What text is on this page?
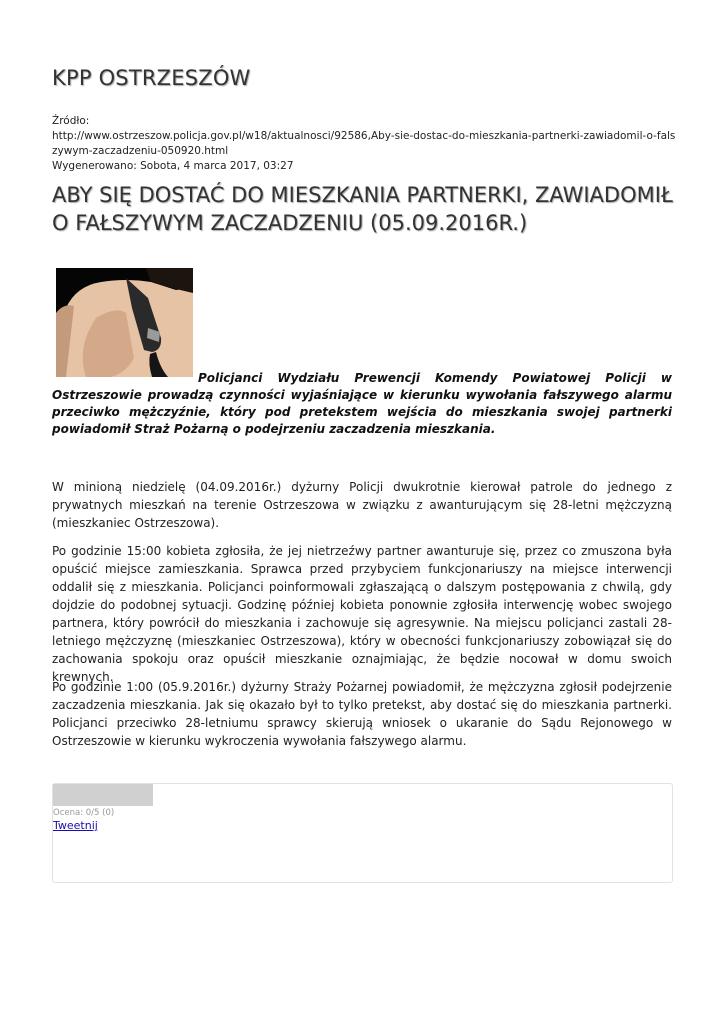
KPP OSTRZESZÓW
Źródło:
http://www.ostrzeszow.policja.gov.pl/w18/aktualnosci/92586,Aby-sie-dostac-do-mieszkania-partnerki-zawiadomil-o-falszywym-zaczadzeniu-050920.html
Wygenerowano: Sobota, 4 marca 2017, 03:27
ABY SIĘ DOSTAĆ DO MIESZKANIA PARTNERKI, ZAWIADOMIŁ O FAŁSZYWYM ZACZADZENIU (05.09.2016R.)

Policjanci Wydziału Prewencji Komendy Powiatowej Policji w Ostrzeszowie prowadzą czynności wyjaśniające w kierunku wywołania fałszywego alarmu przeciwko mężczyźnie, który pod pretekstem wejścia do mieszkania swojej partnerki powiadomił Straż Pożarną o podejrzeniu zaczadzenia mieszkania.

W minioną niedzielę (04.09.2016r.) dyżurny Policji dwukrotnie kierował patrole do jednego z prywatnych mieszkań na terenie Ostrzeszowa w związku z awanturującym się 28-letni mężczyzną (mieszkaniec Ostrzeszowa).

Po godzinie 15:00 kobieta zgłosiła, że jej nietrzeźwy partner awanturuje się, przez co zmuszona była opuścić miejsce zamieszkania. Sprawca przed przybyciem funkcjonariuszy na miejsce interwencji oddalił się z mieszkania. Policjanci poinformowali zgłaszającą o dalszym postępowania z chwilą, gdy dojdzie do podobnej sytuacji. Godzinę później kobieta ponownie zgłosiła interwencję wobec swojego partnera, który powrócił do mieszkania i zachowuje się agresywnie. Na miejscu policjanci zastali 28-letniego mężczyznę (mieszkaniec Ostrzeszowa), który w obecności funkcjonariuszy zobowiązał się do zachowania spokoju oraz opuścił mieszkanie oznajmiając, że będzie nocował w domu swoich krewnych.

Po godzinie 1:00 (05.9.2016r.) dyżurny Straży Pożarnej powiadomił, że mężczyzna zgłosił podejrzenie zaczadzenia mieszkania. Jak się okazało był to tylko pretekst, aby dostać się do mieszkania partnerki. Policjanci przeciwko 28-letniumu sprawcy skierują wniosek o ukaranie do Sądu Rejonowego w Ostrzeszowie w kierunku wykroczenia wywołania fałszywego alarmu.

Ocena: 0/5 (0)
Tweetnij
